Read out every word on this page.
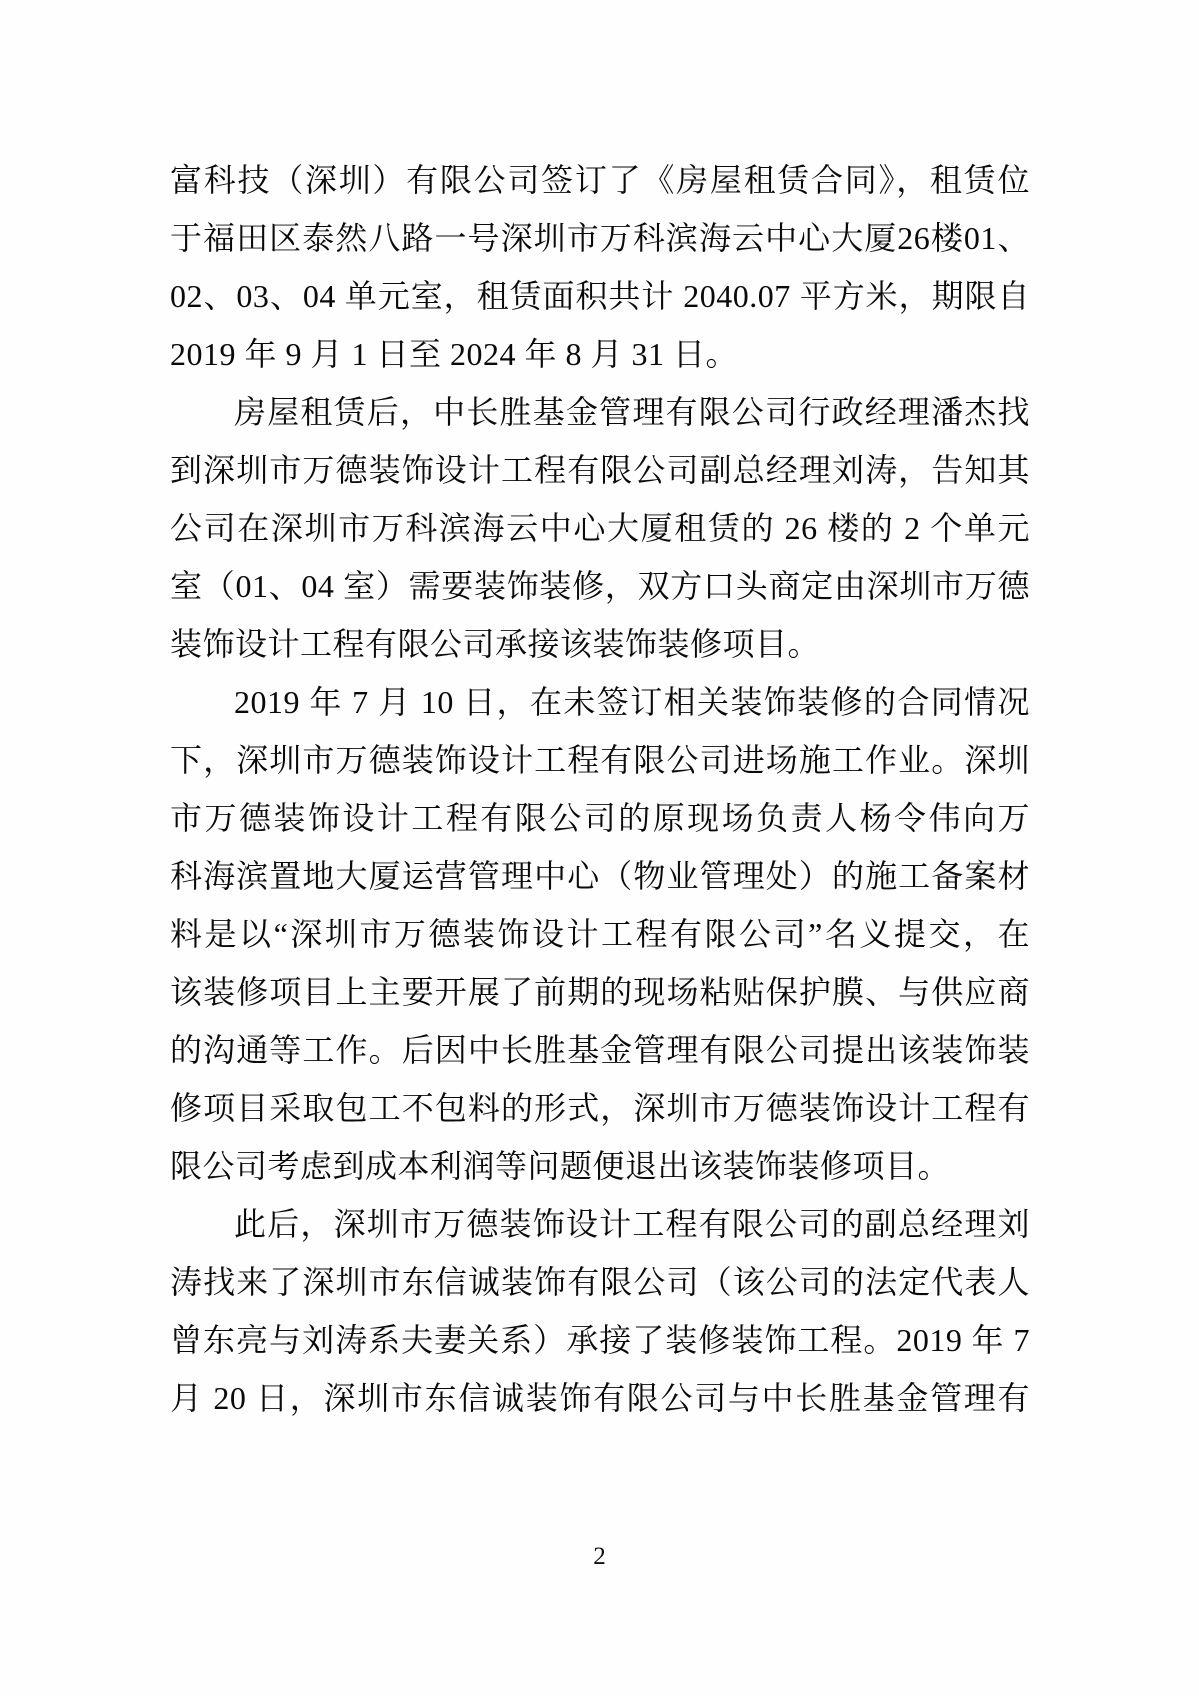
富科技（深圳）有限公司签订了《房屋租赁合同》，租赁位
于福田区泰然八路一号深圳市万科滨海云中心大厦26楼01、
02、03、04 单元室，租赁面积共计 2040.07 平方米，期限自
2019 年 9 月 1 日至 2024 年 8 月 31 日。
房屋租赁后，中长胜基金管理有限公司行政经理潘杰找
到深圳市万德装饰设计工程有限公司副总经理刘涛，告知其
公司在深圳市万科滨海云中心大厦租赁的 26 楼的 2 个单元
室（01、04 室）需要装饰装修，双方口头商定由深圳市万德
装饰设计工程有限公司承接该装饰装修项目。
2019 年 7 月 10 日，在未签订相关装饰装修的合同情况
下，深圳市万德装饰设计工程有限公司进场施工作业。深圳
市万德装饰设计工程有限公司的原现场负责人杨令伟向万
科海滨置地大厦运营管理中心（物业管理处）的施工备案材
料是以“深圳市万德装饰设计工程有限公司”名义提交，在
该装修项目上主要开展了前期的现场粘贴保护膜、与供应商
的沟通等工作。后因中长胜基金管理有限公司提出该装饰装
修项目采取包工不包料的形式，深圳市万德装饰设计工程有
限公司考虑到成本利润等问题便退出该装饰装修项目。
此后，深圳市万德装饰设计工程有限公司的副总经理刘
涛找来了深圳市东信诚装饰有限公司（该公司的法定代表人
曾东亮与刘涛系夫妻关系）承接了装修装饰工程。2019 年 7
月 20 日，深圳市东信诚装饰有限公司与中长胜基金管理有
2
